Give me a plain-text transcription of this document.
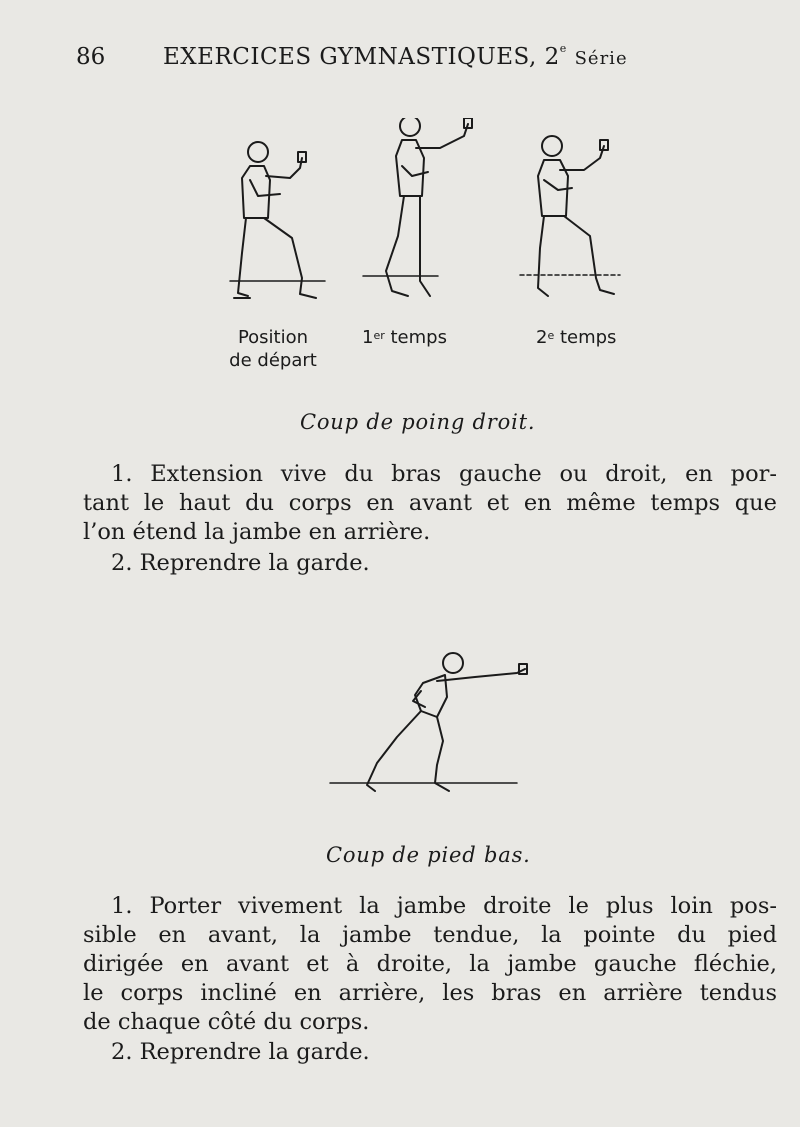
86	EXERCICES GYMNASTIQUES, 2e Série
Position
de départ
1er temps	2e temps
Coup de poing droit.
1. Extension vive du bras gauche ou droit, en por-
tant le haut du corps en avant et en même temps que
l’on étend la jambe en arrière.
2. Reprendre la garde.
Coup de pied bas.
1. Porter vivement la jambe droite le plus loin pos-
sible en avant, la jambe tendue, la pointe du pied
dirigée en avant et à droite, la jambe gauche fléchie,
le corps incliné en arrière, les bras en arrière tendus
de chaque côté du corps.
2. Reprendre la garde.
